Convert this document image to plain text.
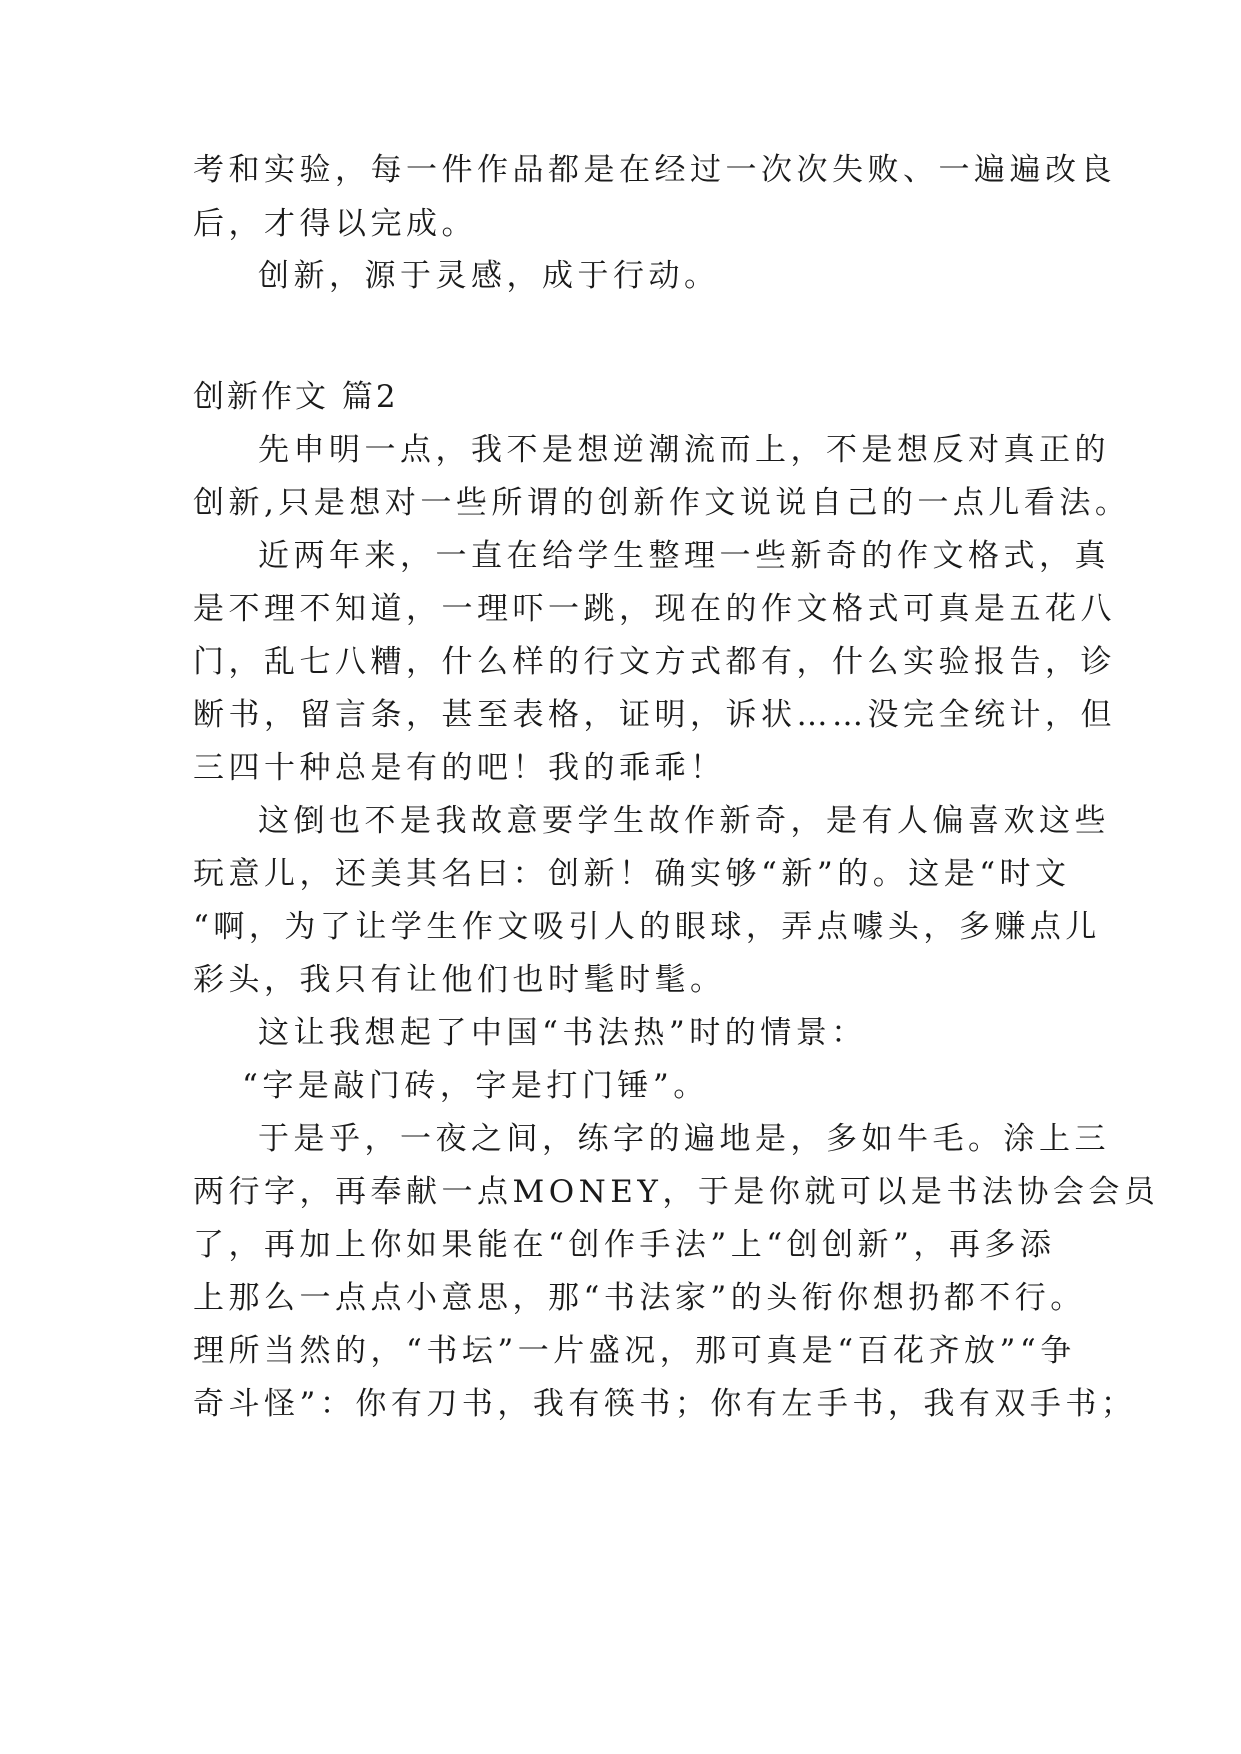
考和实验，每一件作品都是在经过一次次失败、一遍遍改良
后，才得以完成。
创新，源于灵感，成于行动。
创新作文 篇2
先申明一点，我不是想逆潮流而上，不是想反对真正的
创新,只是想对一些所谓的创新作文说说自己的一点儿看法。
近两年来，一直在给学生整理一些新奇的作文格式，真
是不理不知道，一理吓一跳，现在的作文格式可真是五花八
门，乱七八糟，什么样的行文方式都有，什么实验报告，诊
断书，留言条，甚至表格，证明，诉状……没完全统计，但
三四十种总是有的吧！我的乖乖！
这倒也不是我故意要学生故作新奇，是有人偏喜欢这些
玩意儿，还美其名曰：创新！确实够“新”的。这是“时文
“啊，为了让学生作文吸引人的眼球，弄点噱头，多赚点儿
彩头，我只有让他们也时髦时髦。
这让我想起了中国“书法热”时的情景：
“字是敲门砖，字是打门锤”。
于是乎，一夜之间，练字的遍地是，多如牛毛。涂上三
两行字，再奉献一点MONEY，于是你就可以是书法协会会员
了，再加上你如果能在“创作手法”上“创创新”，再多添
上那么一点点小意思，那“书法家”的头衔你想扔都不行。
理所当然的，“书坛”一片盛况，那可真是“百花齐放”“争
奇斗怪”：你有刀书，我有筷书；你有左手书，我有双手书；
